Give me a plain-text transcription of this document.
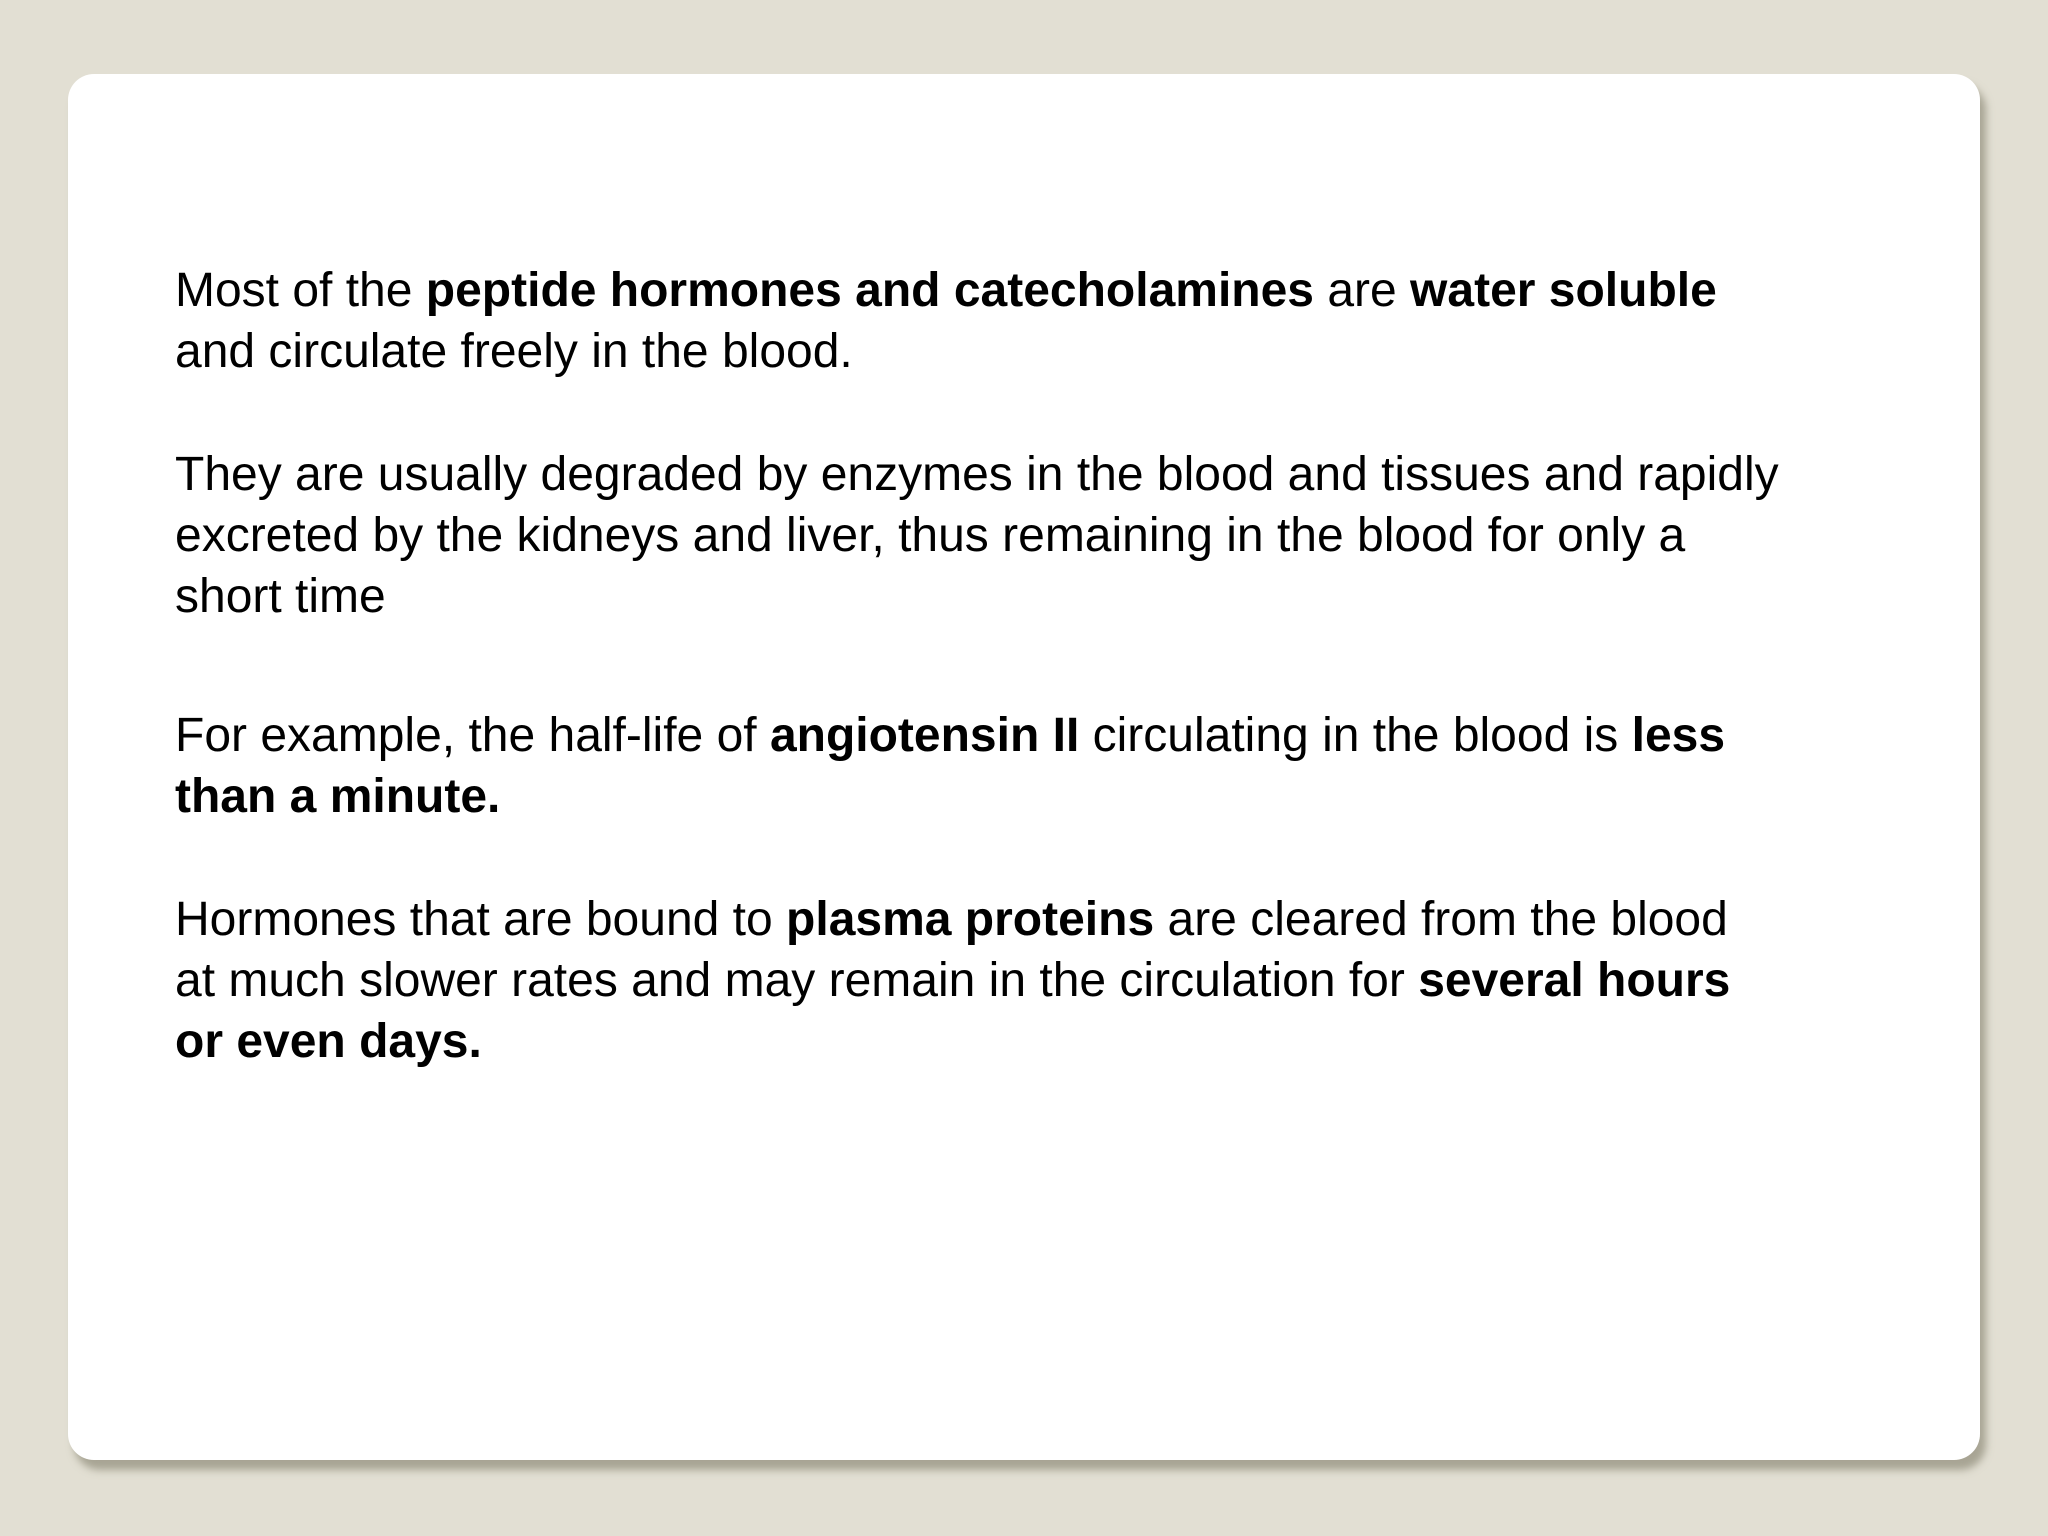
Most of the peptide hormones and catecholamines are water soluble
and circulate freely in the blood.

They are usually degraded by enzymes in the blood and tissues and rapidly
excreted by the kidneys and liver, thus remaining in the blood for only a
short time

For example, the half-life of angiotensin II circulating in the blood is less
than a minute.

Hormones that are bound to plasma proteins are cleared from the blood
at much slower rates and may remain in the circulation for several hours
or even days.
